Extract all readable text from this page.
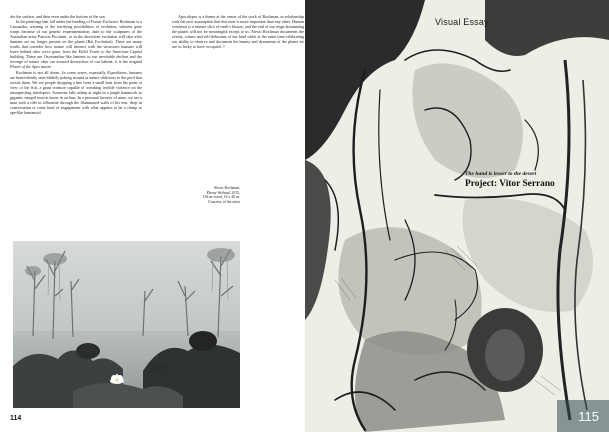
der the surface, and then even under the bottom of the sea.

In his paintings that fall under the heading of Future Exclusive Rochman is a Cassandra, warning of the terrifying possibilities of evolution, wherein gene warps because of our genetic experimentation, akin to the sculptures of the Australian artist Patricia Piccinini, or in the directions evolution will take after humans are no longer present on the planet (Rat Evolution). There are many works that consider how nature will interact with the structures humans will leave behind after we're gone, from the Eiffel Tower to the American Capitol building. These are Ozymandias-like laments to our inevitable decline and the revenge of nature after our assured destruction of our habitat; it is the original Planet of the Apes movie.

Rochman is not all doom. In some series, especially Expeditions, humans are benevolently seen blithely poking around at nature oblivious to the peril that awaits them. We see people dropping a line from a small boat from the point of view of the fish, a giant creature capable of wreaking terrible violence on the unsuspecting interlopers. Someone falls asleep at night in a jungle hammock as gigantic winged insects hover in on him. In a personal favorite of mine, we see a man with a rifle in silhouette through the illuminated walls of his tent, deep in conversation or some kind of engagement with what appears to be a chimp or ape-like humanoid.

Apocalypse is a theme at the center of the work of Rochman, in relationship with the tacit assumption that this time is more important than any other. Human existence is a minute slice of earth's history, and the end of our reign dominating the planet will not be meaningful except to us. Alexis Rochman documents the events, crimes and self-delusions of our kind while at the same time celebrating our ability to observe and document the beauty and dynamism of the planet we are so lucky to have occupied. //

Alexis Rochman,
Ebony Wetland, 2015,
Oil on wood, 16 x 20 in.
Courtesy of the artist
114
Visual Essay
The hand is lesser to the desert
Project: Vitor Serrano
115
